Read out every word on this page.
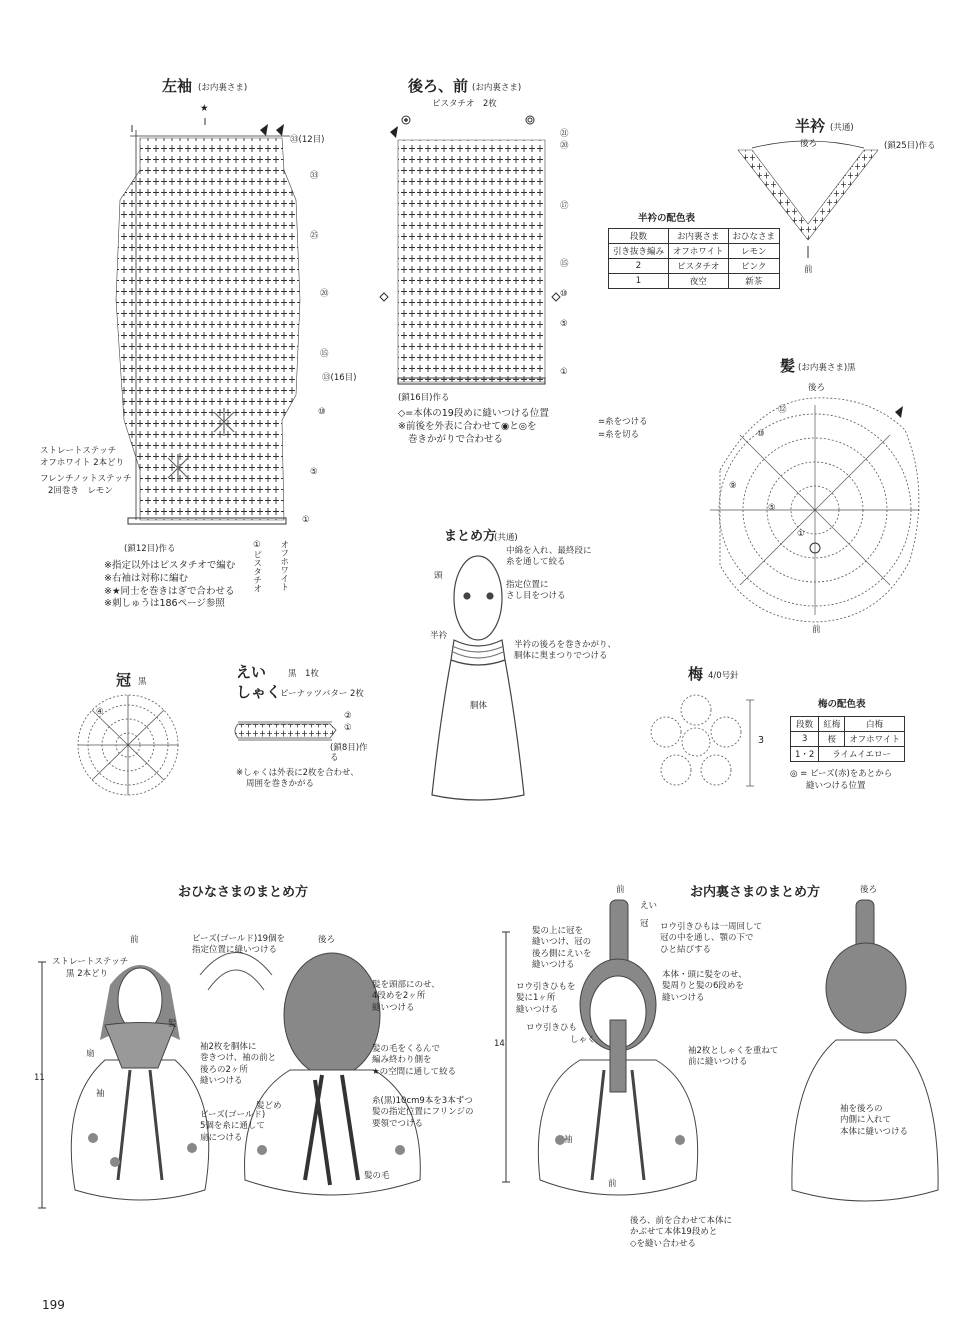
左袖 (お内裏さま)
★
㉝(12目)
㉝
㉕
⑳
⑮
⑬(16目)
⑩
⑤
①
ストレートステッチ
オフホワイト 2本どり
フレンチノットステッチ
2回巻き　レモン
(鎖12目)作る	①ピスタチオ オフホワイト
※指定以外はピスタチオで編む
※右袖は対称に編む
※★同士を巻きはぎで合わせる
※刺しゅうは186ページ参照
後ろ、前 (お内裏さま)
ピスタチオ　2枚
㉑
⑳
⑰
⑮
⑩
⑤
①
(鎖16目)作る
◇=本体の19段めに縫いつける位置
※前後を外表に合わせて◉と◎を
巻きかがりで合わせる
=糸をつける
=糸を切る
半衿 (共通)
後ろ
前
(鎖25目)作る
半衿の配色表
段数	お内裏さま	おひなさま
引き抜き編み	オフホワイト	レモン
2	ピスタチオ	ピンク
1	夜空	新茶
髪 (お内裏さま)黒
後ろ
前
⑫
⑩
⑨
⑤
①
まとめ方
(共通)
頭
半衿
胴体
中綿を入れ、最終段に
糸を通して絞る
指定位置に
さし目をつける
半衿の後ろを巻きかがり、
胴体に奥まつりでつける
冠 黒
④
えい	黒　1枚
しゃく
ピーナッツバター 2枚
②
①
(鎖8目)作る
※しゃくは外表に2枚を合わせ、
周囲を巻きかがる
梅 4/0号針
3
梅の配色表
段数	紅梅	白梅
3	桜	オフホワイト
1・2	ライムイエロー	
◎ = ビーズ(赤)をあとから
縫いつける位置
おひなさまのまとめ方
前	後ろ
11
ストレートステッチ
黒 2本どり
髪
扇
袖
髪どめ
髪の毛
ビーズ(ゴールド)19個を
指定位置に縫いつける
髪を頭部にのせ、
4段めを2ヶ所
縫いつける
袖2枚を胴体に
巻きつけ、袖の前と
後ろの2ヶ所
縫いつける
ビーズ(ゴールド)
5個を糸に通して
扇につける
髪の毛をくるんで
編み終わり側を
★の空間に通して絞る
糸(黒)10cm9本を3本ずつ
髪の指定位置にフリンジの
要領でつける
お内裏さまのまとめ方
前	後ろ
14
えい
冠
ロウ引きひも
しゃく
袖
前
髪の上に冠を
縫いつけ、冠の
後ろ側にえいを
縫いつける
ロウ引きひもは一周回して
冠の中を通し、顎の下で
ひと結びする
ロウ引きひもを
髪に1ヶ所
縫いつける
本体・頭に髪をのせ、
髪周りと髪の6段めを
縫いつける
袖2枚としゃくを重ねて
前に縫いつける
後ろ、前を合わせて本体に
かぶせて本体19段めと
◇を縫い合わせる
袖を後ろの
内側に入れて
本体に縫いつける
199
